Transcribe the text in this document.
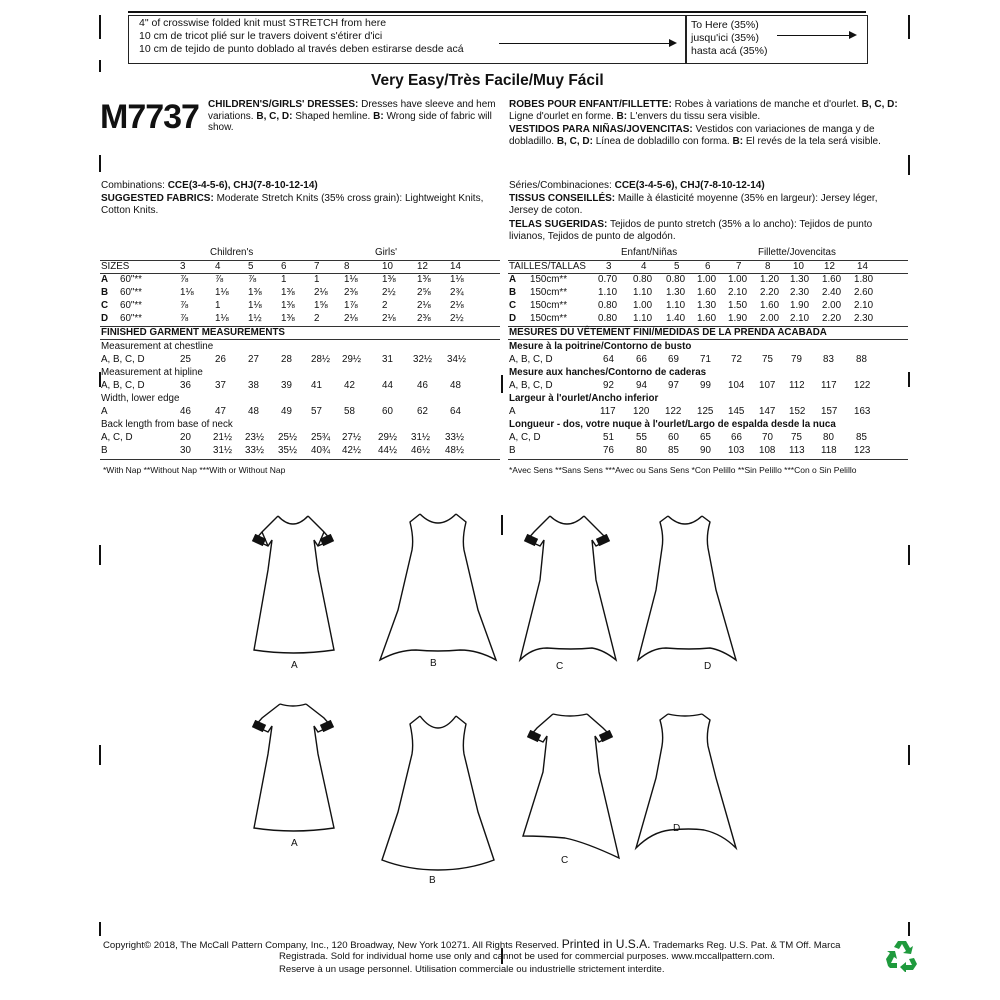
4" of crosswise folded knit must STRETCH from here
10 cm de tricot plié sur le travers doivent s'étirer d'ici
10 cm de tejido de punto doblado al través deben estirarse desde acá
To Here (35%)
jusqu'ici (35%)
hasta acá (35%)
Very Easy/Très Facile/Muy Fácil
M7737 CHILDREN'S/GIRLS' DRESSES: Dresses have sleeve and hem variations. B, C, D: Shaped hemline. B: Wrong side of fabric will show.
ROBES POUR ENFANT/FILLETTE: Robes à variations de manche et d'ourlet. B, C, D: Ligne d'ourlet en forme. B: L'envers du tissu sera visible.
VESTIDOS PARA NIÑAS/JOVENCITAS: Vestidos con variaciones de manga y de dobladillo. B, C, D: Línea de dobladillo con forma. B: El revés de la tela será visible.
Combinations: CCE(3-4-5-6), CHJ(7-8-10-12-14)	Séries/Combinaciones: CCE(3-4-5-6), CHJ(7-8-10-12-14)
SUGGESTED FABRICS: Moderate Stretch Knits (35% cross grain): Lightweight Knits, Cotton Knits.
TISSUS CONSEILLÉS: Maille à élasticité moyenne (35% en largeur): Jersey léger, Jersey de coton.
TELAS SUGERIDAS: Tejidos de punto stretch (35% a lo ancho): Tejidos de punto livianos, Tejidos de punto de algodón.
Children's	Girls'
SIZES	3	4	5	6	7	8	10 12 14
A 60"**	⅞	⅞	⅞	1	1	1⅛ 1⅜ 1⅜ 1⅛
B 60"**	1⅛ 1⅛ 1⅜ 1⅜ 2⅛ 2⅜ 2½ 2⅝ 2¾
C 60"**	⅞	1	1⅛ 1⅜ 1⅝ 1⅞ 2	2⅛ 2⅛
D 60"**	⅞	1⅛ 1½ 1⅜ 2	2⅛ 2⅛ 2⅜ 2½
FINISHED GARMENT MEASUREMENTS
Measurement at chestline
A, B, C, D	25 26 27 28 28½ 29½ 31 32½ 34½
Measurement at hipline
A, B, C, D	36 37 38 39 41 42	44 46 48
Width, lower edge
A	46 47 48 49 57 58	60 62 64
Back length from base of neck
A, C, D	20 21½ 23½ 25½ 25¾ 27½ 29½ 31½ 33½
B	30 31½ 33½ 35½ 40¾ 42½ 44½ 46½ 48½
*With Nap **Without Nap ***With or Without Nap
Enfant/Niñas	Fillette/Jovencitas
TAILLES/TALLAS 3	4	5	6	7 8 10 12 14
A 150cm**	0.70 0.80 0.80 1.00 1.00 1.20 1.30 1.60 1.80
B 150cm**	1.10 1.10 1.30 1.60 2.10 2.20 2.30 2.40 2.60
C 150cm**	0.80 1.00 1.10 1.30 1.50 1.60 1.90 2.00 2.10
D 150cm**	0.80 1.10 1.40 1.60 1.90 2.00 2.10 2.20 2.30
MESURES DU VÊTEMENT FINI/MEDIDAS DE LA PRENDA ACABADA
Mesure à la poitrine/Contorno de busto
A, B, C, D	64 66 69 71 72 75 79 83 88
Mesure aux hanches/Contorno de caderas
A, B, C, D	92 94 97 99 104 107 112 117 122
Largeur à l'ourlet/Ancho inferior
A	117 120 122 125 145 147 152 157 163
Longueur - dos, votre nuque à l'ourlet/Largo de espalda desde la nuca
A, C, D	51 55 60 65 66 70 75 80 85
B	76 80 85 90 103 108 113 118 123
*Avec Sens **Sans Sens ***Avec ou Sans Sens *Con Pelillo **Sin Pelillo ***Con o Sin Pelillo
A	B	C	D
A
B
C
D
Copyright© 2018, The McCall Pattern Company, Inc., 120 Broadway, New York 10271. All Rights Reserved. Printed in U.S.A. Trademarks Reg. U.S. Pat. & TM Off. Marca
Registrada. Sold for individual home use only and cannot be used for commercial purposes. www.mccallpattern.com.
Reserve à un usage personnel. Utilisation commerciale ou industrielle strictement interdite.
